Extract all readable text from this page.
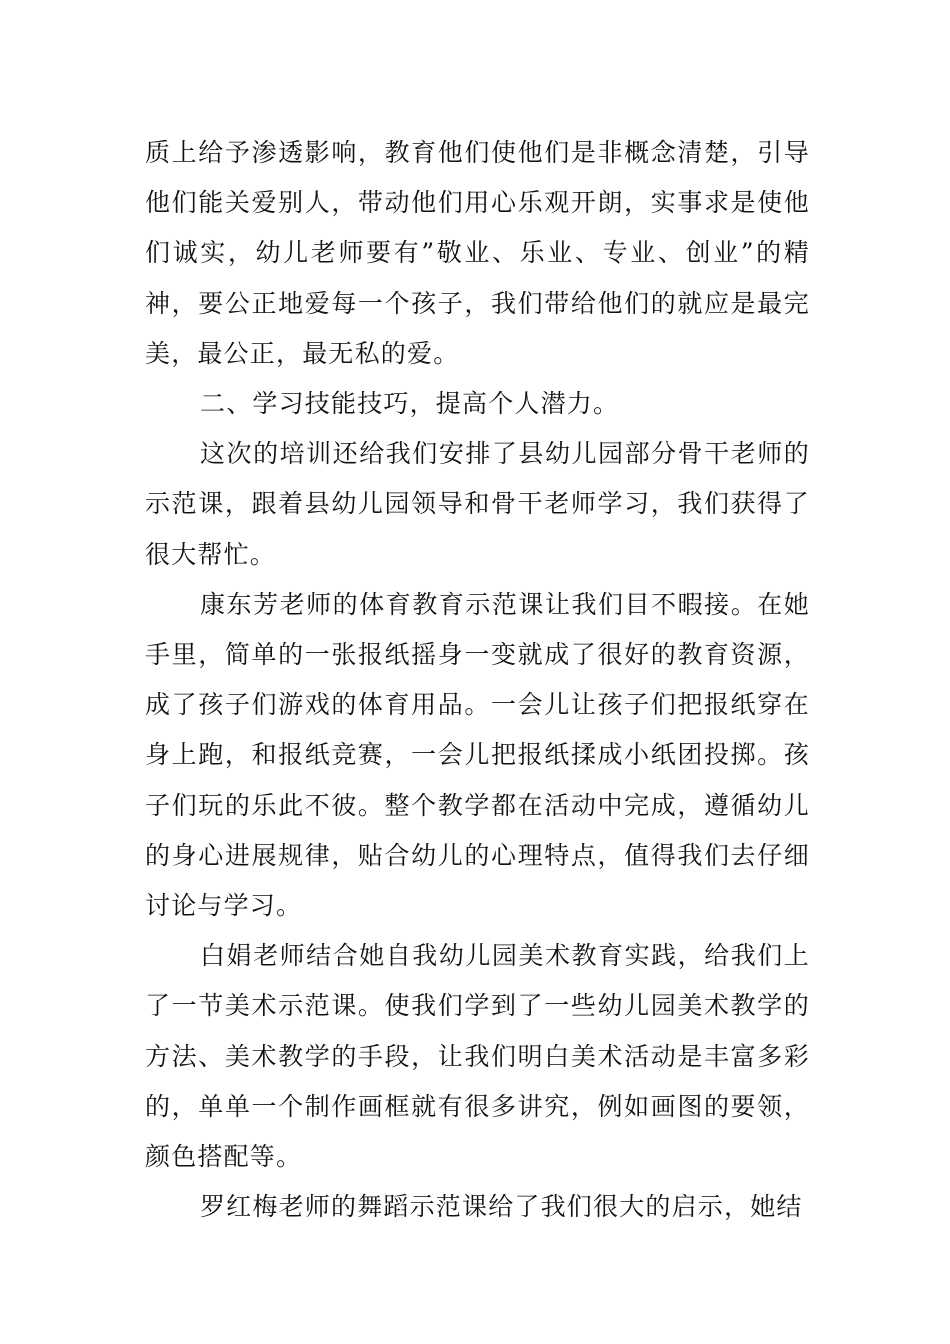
质上给予渗透影响，教育他们使他们是非概念清楚，引导他们能关爱别人，带动他们用心乐观开朗，实事求是使他们诚实，幼儿老师要有”敬业、乐业、专业、创业”的精神，要公正地爱每一个孩子，我们带给他们的就应是最完美，最公正，最无私的爱。

二、学习技能技巧，提高个人潜力。

这次的培训还给我们安排了县幼儿园部分骨干老师的示范课，跟着县幼儿园领导和骨干老师学习，我们获得了很大帮忙。

康东芳老师的体育教育示范课让我们目不暇接。在她手里，简单的一张报纸摇身一变就成了很好的教育资源，成了孩子们游戏的体育用品。一会儿让孩子们把报纸穿在身上跑，和报纸竞赛，一会儿把报纸揉成小纸团投掷。孩子们玩的乐此不彼。整个教学都在活动中完成，遵循幼儿的身心进展规律，贴合幼儿的心理特点，值得我们去仔细讨论与学习。

白娟老师结合她自我幼儿园美术教育实践，给我们上了一节美术示范课。使我们学到了一些幼儿园美术教学的方法、美术教学的手段，让我们明白美术活动是丰富多彩的，单单一个制作画框就有很多讲究，例如画图的要领，颜色搭配等。

罗红梅老师的舞蹈示范课给了我们很大的启示，她结
